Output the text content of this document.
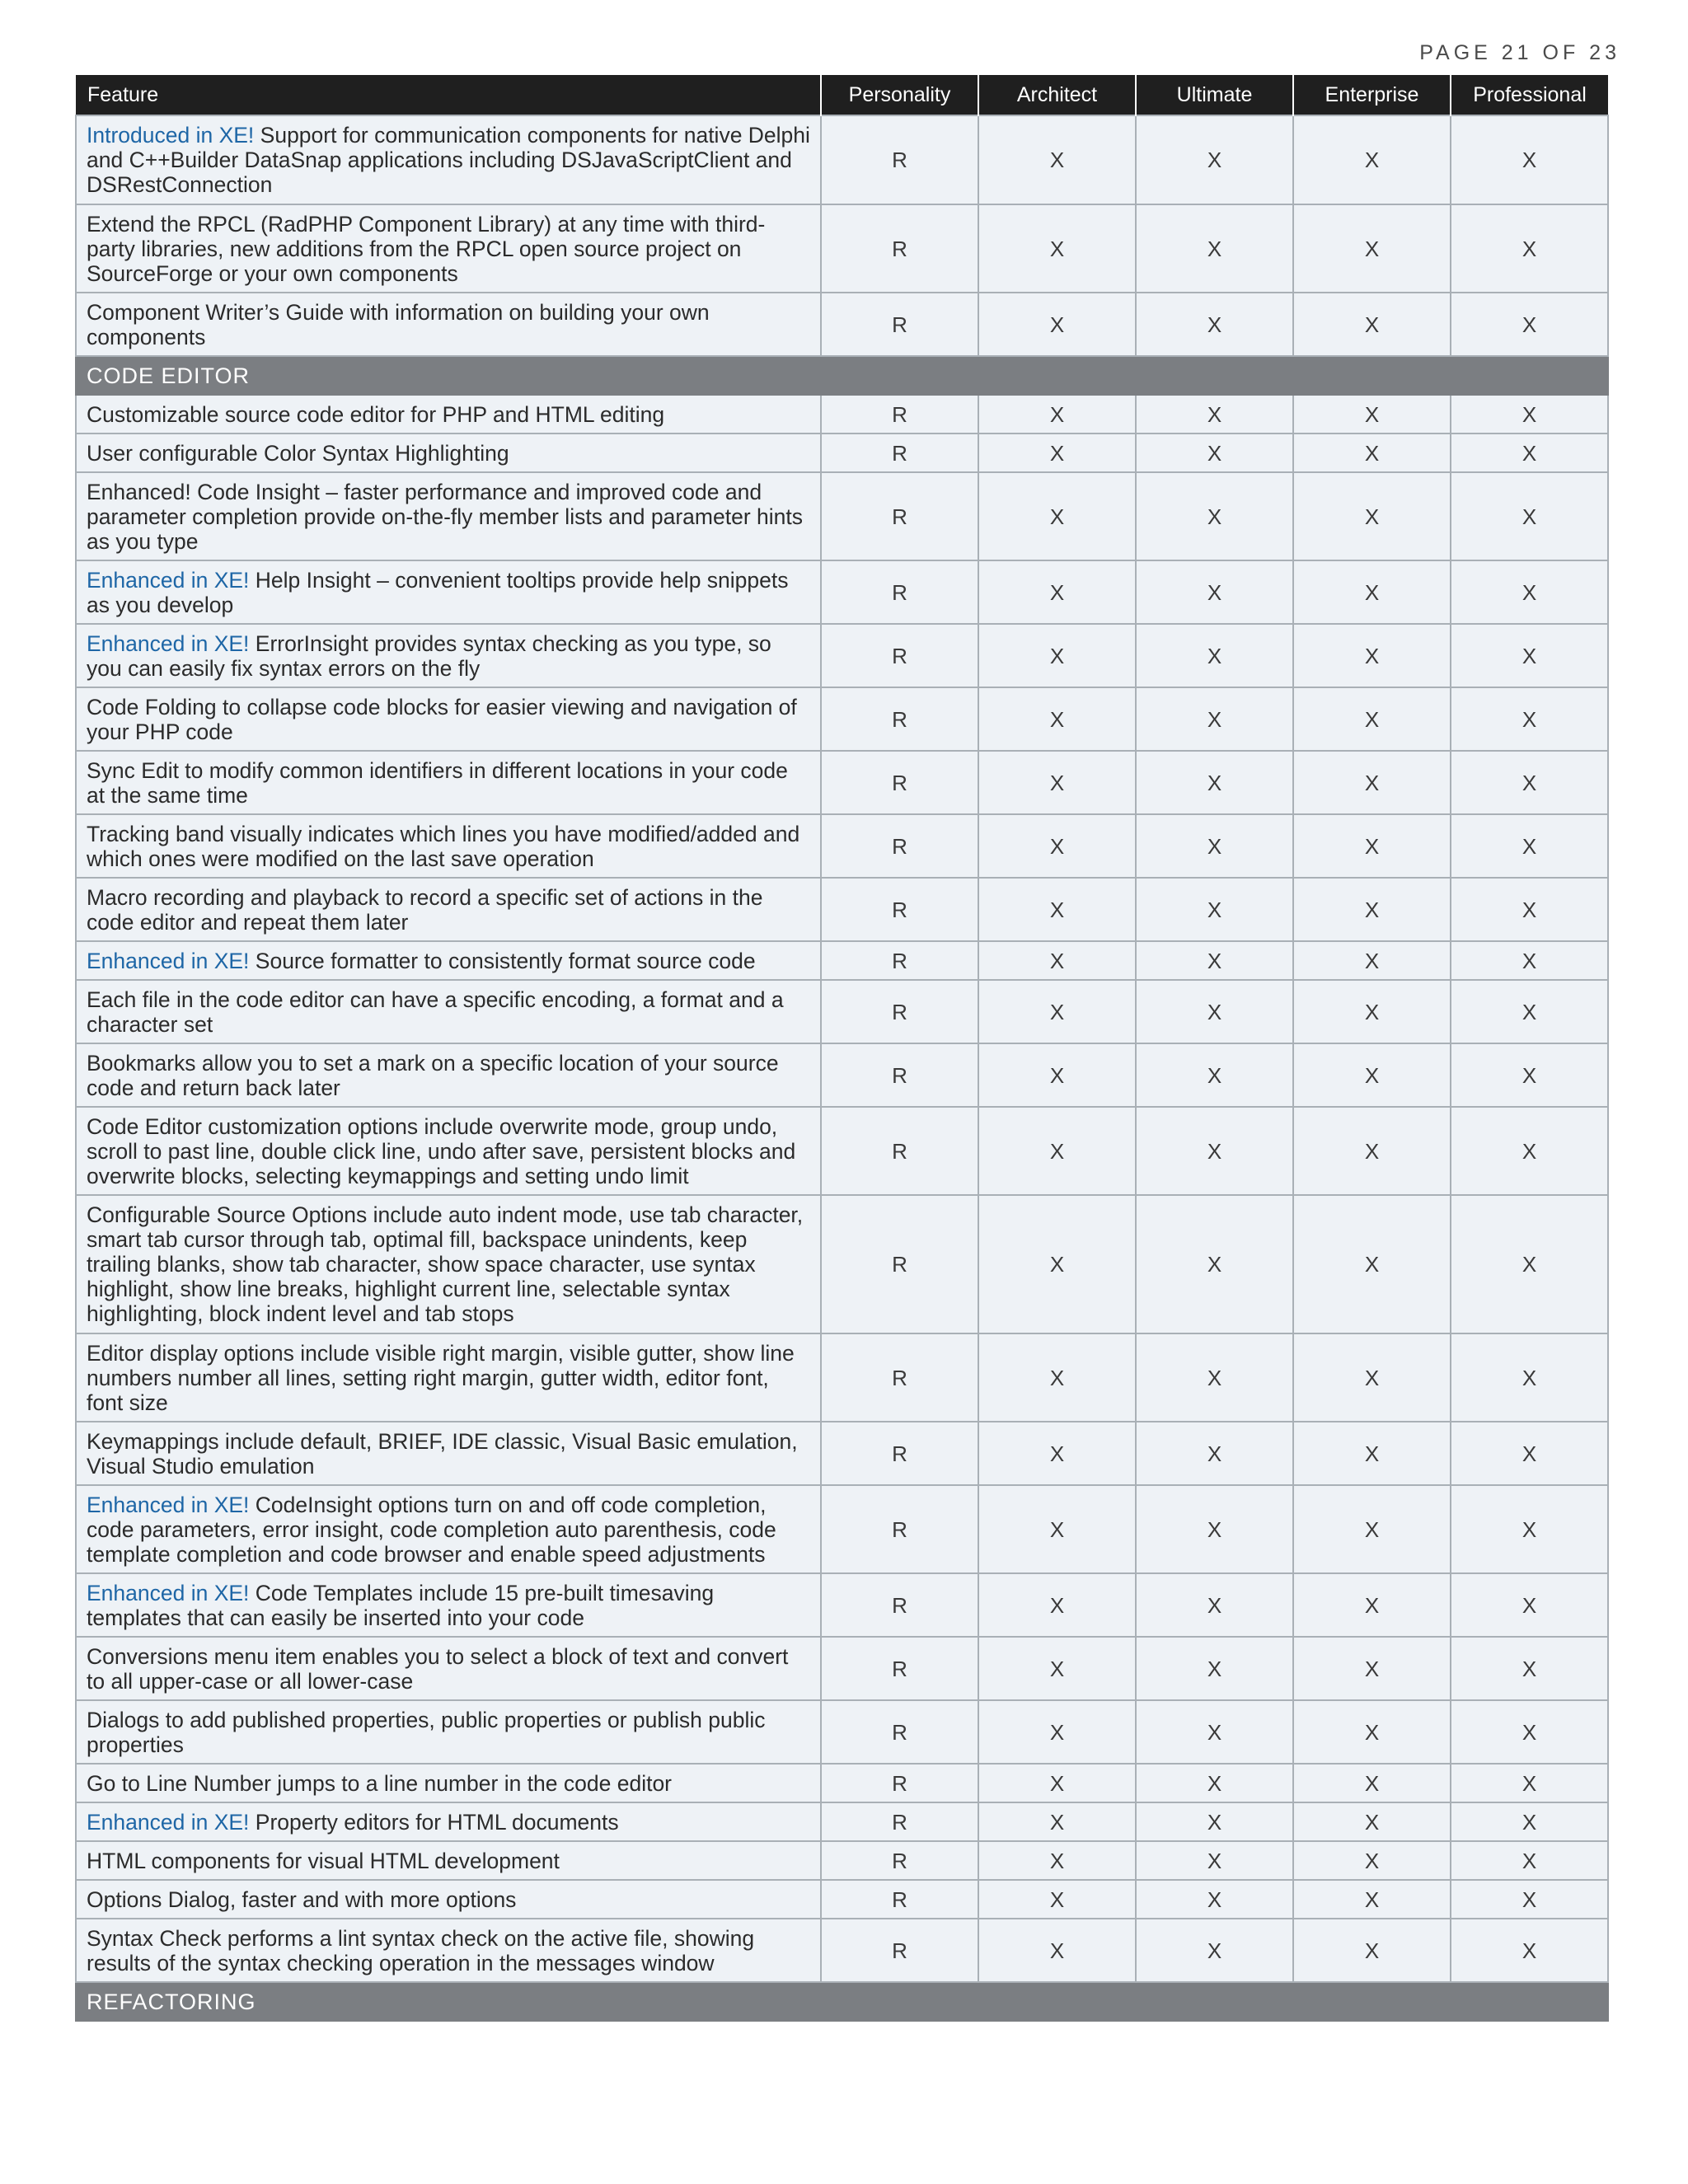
PAGE 21 OF 23
Feature	Personality	Architect	Ultimate	Enterprise	Professional
Introduced in XE! Support for communication components for native Delphi and C++Builder DataSnap applications including DSJavaScriptClient and DSRestConnection	R	X	X	X	X
Extend the RPCL (RadPHP Component Library) at any time with third-party libraries, new additions from the RPCL open source project on SourceForge or your own components	R	X	X	X	X
Component Writer’s Guide with information on building your own components	R	X	X	X	X
CODE EDITOR					
Customizable source code editor for PHP and HTML editing	R	X	X	X	X
User configurable Color Syntax Highlighting	R	X	X	X	X
Enhanced! Code Insight – faster performance and improved code and parameter completion provide on-the-fly member lists and parameter hints as you type	R	X	X	X	X
Enhanced in XE! Help Insight – convenient tooltips provide help snippets as you develop	R	X	X	X	X
Enhanced in XE! ErrorInsight provides syntax checking as you type, so you can easily fix syntax errors on the fly	R	X	X	X	X
Code Folding to collapse code blocks for easier viewing and navigation of your PHP code	R	X	X	X	X
Sync Edit to modify common identifiers in different locations in your code at the same time	R	X	X	X	X
Tracking band visually indicates which lines you have modified/added and which ones were modified on the last save operation	R	X	X	X	X
Macro recording and playback to record a specific set of actions in the code editor and repeat them later	R	X	X	X	X
Enhanced in XE! Source formatter to consistently format source code	R	X	X	X	X
Each file in the code editor can have a specific encoding, a format and a character set	R	X	X	X	X
Bookmarks allow you to set a mark on a specific location of your source code and return back later	R	X	X	X	X
Code Editor customization options include overwrite mode, group undo, scroll to past line, double click line, undo after save, persistent blocks and overwrite blocks, selecting keymappings and setting undo limit	R	X	X	X	X
Configurable Source Options include auto indent mode, use tab character, smart tab cursor through tab, optimal fill, backspace unindents, keep trailing blanks, show tab character, show space character, use syntax highlight, show line breaks, highlight current line, selectable syntax highlighting, block indent level and tab stops	R	X	X	X	X
Editor display options include visible right margin, visible gutter, show line numbers number all lines, setting right margin, gutter width, editor font, font size	R	X	X	X	X
Keymappings include default, BRIEF, IDE classic, Visual Basic emulation, Visual Studio emulation	R	X	X	X	X
Enhanced in XE! CodeInsight options turn on and off code completion, code parameters, error insight, code completion auto parenthesis, code template completion and code browser and enable speed adjustments	R	X	X	X	X
Enhanced in XE! Code Templates include 15 pre-built timesaving templates that can easily be inserted into your code	R	X	X	X	X
Conversions menu item enables you to select a block of text and convert to all upper-case or all lower-case	R	X	X	X	X
Dialogs to add published properties, public properties or publish public properties	R	X	X	X	X
Go to Line Number jumps to a line number in the code editor	R	X	X	X	X
Enhanced in XE! Property editors for HTML documents	R	X	X	X	X
HTML components for visual HTML development	R	X	X	X	X
Options Dialog, faster and with more options	R	X	X	X	X
Syntax Check performs a lint syntax check on the active file, showing results of the syntax checking operation in the messages window	R	X	X	X	X
REFACTORING					
